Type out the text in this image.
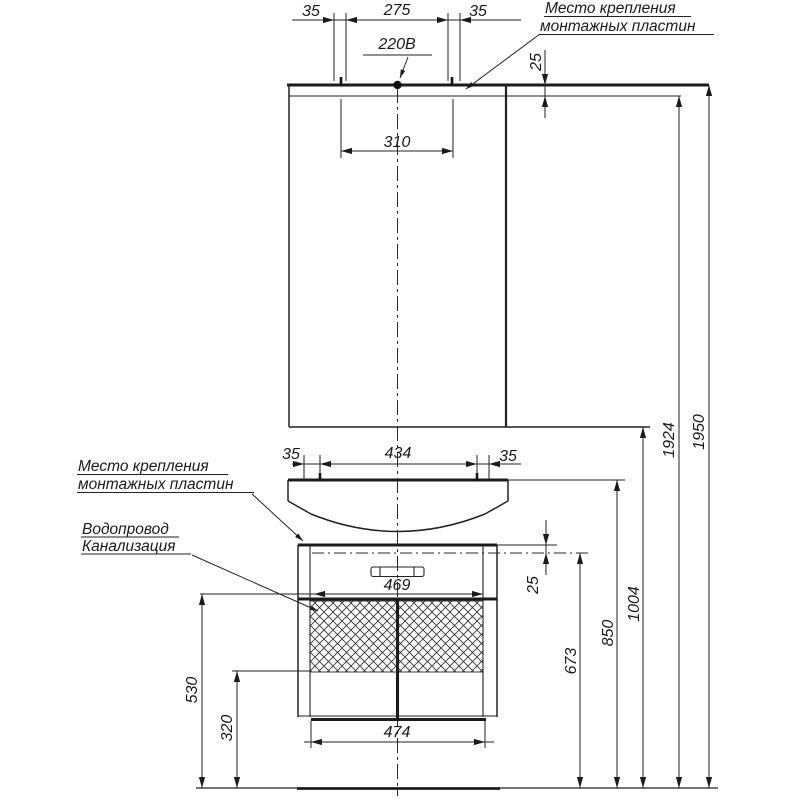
35	275	35
220В
310
Место крепления
монтажных пластин
25
35	434	35
Место крепления
монтажных пластин
Водопровод
Канализация
469	25
474
530
320
673
850
1004
1924 1950
